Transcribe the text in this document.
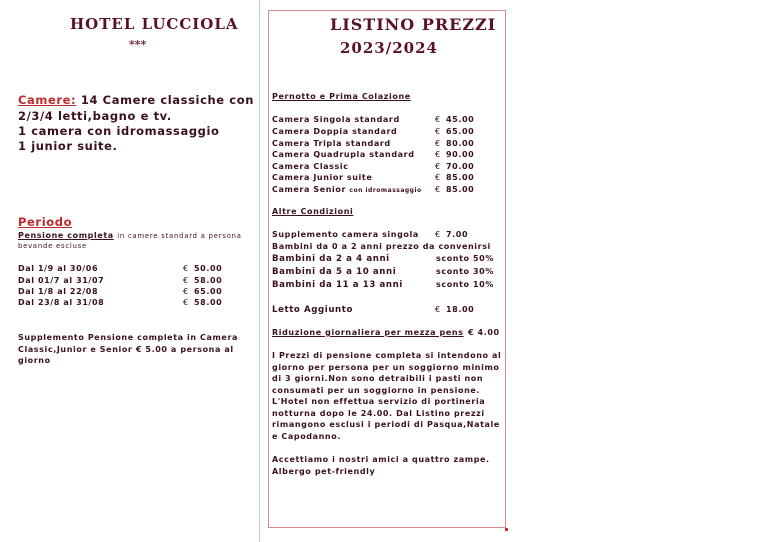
HOTEL LUCCIOLA
***
Camere: 14 Camere classiche con
2/3/4 letti,bagno e tv.
1 camera con idromassaggio
1 junior suite.
Periodo
Pensione completa in camere standard a persona
bevande escluse
Dal 1/9 al 30/06	€ 50.00
Dal 01/7 al 31/07	€ 58.00
Dal 1/8 al 22/08	€ 65.00
Dal 23/8 al 31/08	€ 58.00
Supplemento Pensione completa in Camera
Classic,Junior e Senior € 5.00 a persona al
giorno
LISTINO PREZZI
2023/2024
Pernotto e Prima Colazione
Camera Singola standard	€ 45.00
Camera Doppia standard	€ 65.00
Camera Tripla standard	€ 80.00
Camera Quadrupla standard	€ 90.00
Camera Classic	€ 70.00
Camera Junior suite	€ 85.00
Camera Senior con idromassaggio € 85.00
Altre Condizioni
Supplemento camera singola € 7.00
Bambini da 0 a 2 anni prezzo da convenirsi
Bambini da 2 a 4 anni	sconto 50%
Bambini da 5 a 10 anni	sconto 30%
Bambini da 11 a 13 anni	sconto 10%
Letto Aggiunto	€ 18.00
Riduzione giornaliera per mezza pens € 4.00
I Prezzi di pensione completa si intendono al
giorno per persona per un soggiorno minimo
di 3 giorni.Non sono detraibili i pasti non
consumati per un soggiorno in pensione.
L'Hotel non effettua servizio di portineria
notturna dopo le 24.00. Dal Listino prezzi
rimangono esclusi i periodi di Pasqua,Natale
e Capodanno.
Accettiamo i nostri amici a quattro zampe.
Albergo pet-friendly
